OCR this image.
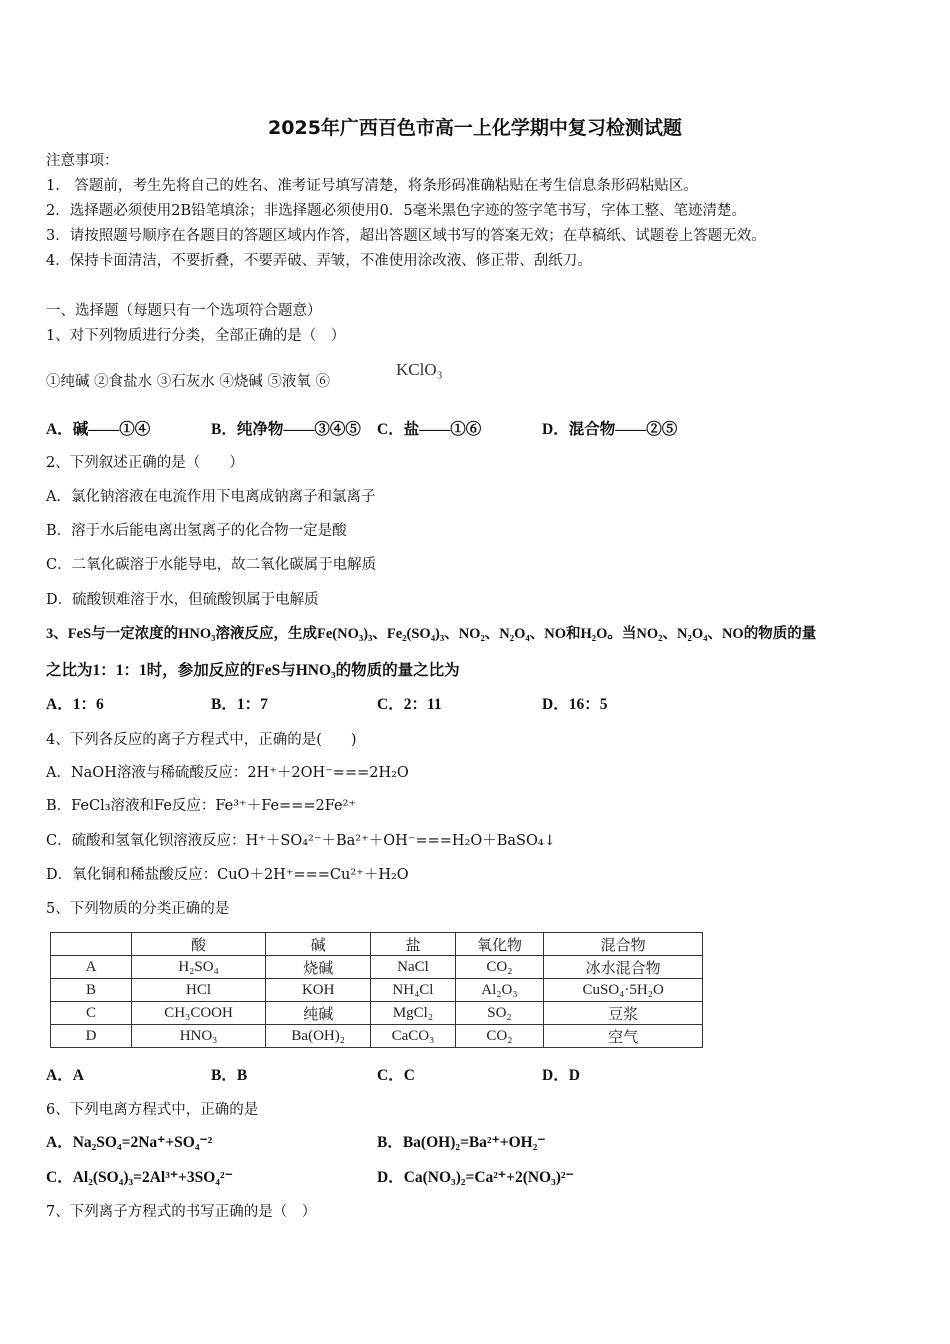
2025年广西百色市高一上化学期中复习检测试题
注意事项：
1.　答题前，考生先将自己的姓名、准考证号填写清楚，将条形码准确粘贴在考生信息条形码粘贴区。
2．选择题必须使用2B铅笔填涂；非选择题必须使用0．5毫米黑色字迹的签字笔书写，字体工整、笔迹清楚。
3．请按照题号顺序在各题目的答题区域内作答，超出答题区域书写的答案无效；在草稿纸、试题卷上答题无效。
4．保持卡面清洁，不要折叠，不要弄破、弄皱，不准使用涂改液、修正带、刮纸刀。
一、选择题（每题只有一个选项符合题意）
1、对下列物质进行分类，全部正确的是（　）
①纯碱 ②食盐水 ③石灰水 ④烧碱 ⑤液氧 ⑥
KClO₃
A．碱——①④	B．纯净物——③④⑤ C．盐——①⑥	D．混合物——②⑤
2、下列叙述正确的是（　　）
A．氯化钠溶液在电流作用下电离成钠离子和氯离子
B．溶于水后能电离出氢离子的化合物一定是酸
C．二氧化碳溶于水能导电，故二氧化碳属于电解质
D．硫酸钡难溶于水，但硫酸钡属于电解质
3、FeS与一定浓度的HNO₃溶液反应，生成Fe(NO₃)₃、Fe₂(SO₄)₃、NO₂、N₂O₄、NO和H₂O。当NO₂、N₂O₄、NO的物质的量
之比为1：1：1时，参加反应的FeS与HNO₃的物质的量之比为
A．1：6	B．1：7	C．2：11	D．16：5
4、下列各反应的离子方程式中，正确的是(　　)
A．NaOH溶液与稀硫酸反应：2H⁺＋2OH⁻===2H₂O
B．FeCl₃溶液和Fe反应：Fe³⁺＋Fe===2Fe²⁺
C．硫酸和氢氧化钡溶液反应：H⁺＋SO₄²⁻＋Ba²⁺＋OH⁻===H₂O＋BaSO₄↓
D．氧化铜和稀盐酸反应：CuO＋2H⁺===Cu²⁺＋H₂O
5、下列物质的分类正确的是
	酸	碱	盐	氧化物	混合物
A	H₂SO₄	烧碱	NaCl	CO₂	冰水混合物
B	HCl	KOH	NH₄Cl	Al₂O₃	CuSO₄·5H₂O
C	CH₃COOH	纯碱	MgCl₂	SO₂	豆浆
D	HNO₃	Ba(OH)₂	CaCO₃	CO₂	空气
A．A	B．B	C．C	D．D
6、下列电离方程式中，正确的是
A．Na₂SO₄=2Na⁺+SO₄⁻²	B．Ba(OH)₂=Ba²⁺+OH₂⁻
C．Al₂(SO₄)₃=2Al³⁺+3SO₄²⁻	D．Ca(NO₃)₂=Ca²⁺+2(NO₃)²⁻
7、下列离子方程式的书写正确的是（　）
